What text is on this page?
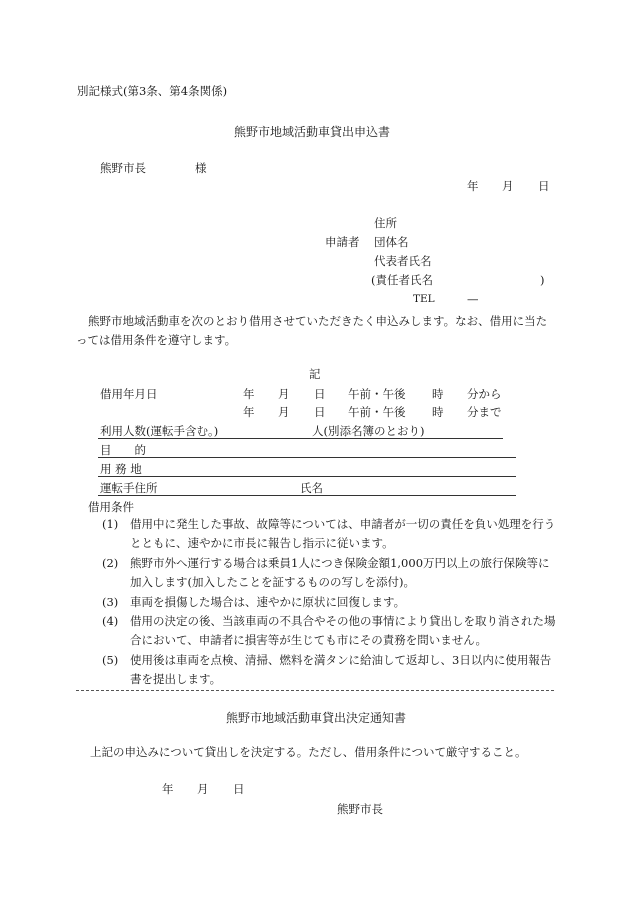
別記様式(第3条、第4条関係)
熊野市地域活動車貸出申込書
熊野市長	様
年 月 日
住所
申請者 団体名
代表者氏名
(責任者氏名	)
TEL	—
熊野市地域活動車を次のとおり借用させていただきたく申込みします。なお、借用に当たっては借用条件を遵守します。
記
借用年月日	年 月 日 午前・午後 時 分から
年 月 日 午前・午後 時 分まで
利用人数(運転手含む。)	人(別添名簿のとおり)
目　　的
用 務 地
運転手住所	氏名
借用条件
(1)	借用中に発生した事故、故障等については、申請者が一切の責任を負い処理を行うとともに、速やかに市長に報告し指示に従います。
(2)	熊野市外へ運行する場合は乗員1人につき保険金額1,000万円以上の旅行保険等に加入します(加入したことを証するものの写しを添付)。
(3)	車両を損傷した場合は、速やかに原状に回復します。
(4)	借用の決定の後、当該車両の不具合やその他の事情により貸出しを取り消された場合において、申請者に損害等が生じても市にその責務を問いません。
(5)	使用後は車両を点検、清掃、燃料を満タンに給油して返却し、3日以内に使用報告書を提出します。
熊野市地域活動車貸出決定通知書
上記の申込みについて貸出しを決定する。ただし、借用条件について厳守すること。
年 月 日
熊野市長
